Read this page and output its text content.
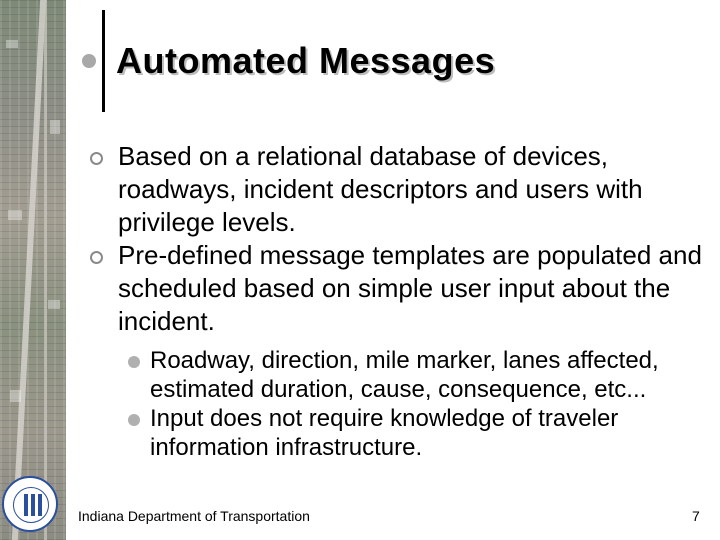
Automated Messages
Based on a relational database of devices, roadways, incident descriptors and users with privilege levels.
Pre-defined message templates are populated and scheduled based on simple user input about the incident.
Roadway, direction, mile marker, lanes affected, estimated duration, cause, consequence, etc...
Input does not require knowledge of traveler information infrastructure.
Indiana Department of Transportation	7
